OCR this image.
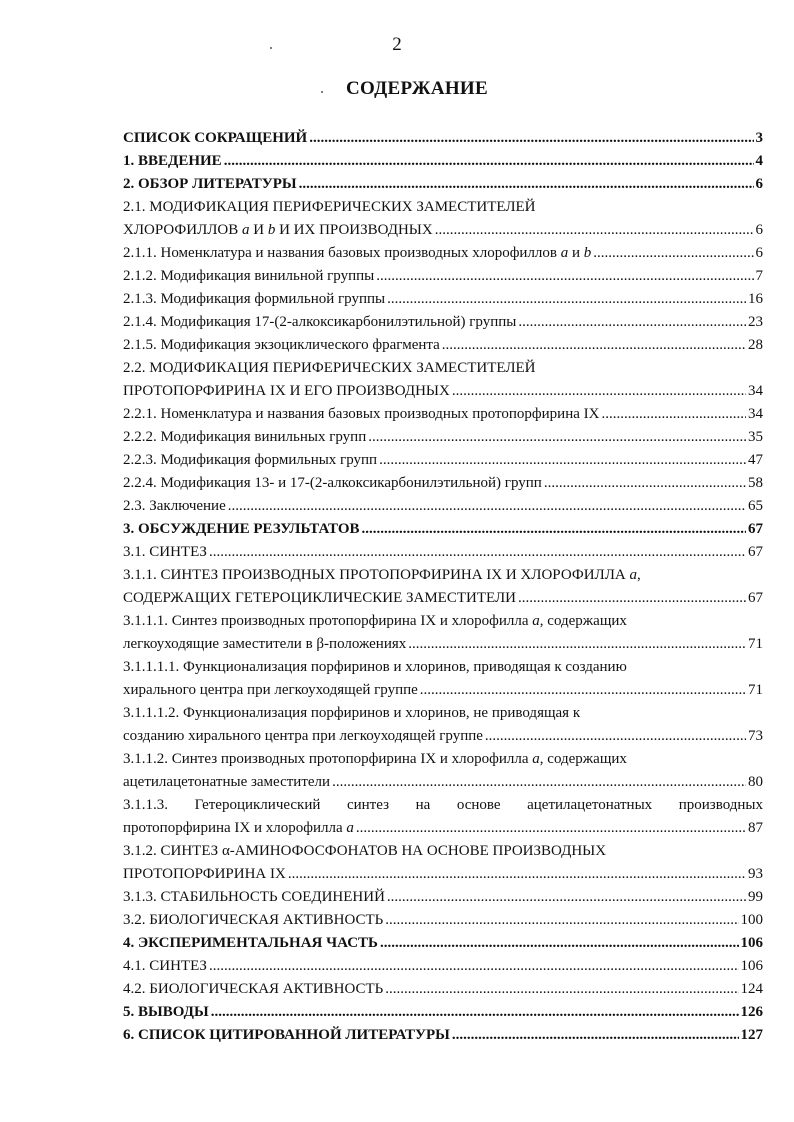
2
СОДЕРЖАНИЕ
СПИСОК СОКРАЩЕНИЙ .....	3
1. ВВЕДЕНИЕ .....	4
2. ОБЗОР ЛИТЕРАТУРЫ .....	6
2.1. МОДИФИКАЦИЯ ПЕРИФЕРИЧЕСКИХ ЗАМЕСТИТЕЛЕЙ
ХЛОРОФИЛЛОВ a И b И ИХ ПРОИЗВОДНЫХ .....	6
2.1.1. Номенклатура и названия базовых производных хлорофиллов a и b .....	6
2.1.2. Модификация винильной группы .....	7
2.1.3. Модификация формильной группы .....	16
2.1.4. Модификация 17-(2-алкоксикарбонилэтильной) группы .....	23
2.1.5. Модификация экзоциклического фрагмента .....	28
2.2. МОДИФИКАЦИЯ ПЕРИФЕРИЧЕСКИХ ЗАМЕСТИТЕЛЕЙ
ПРОТОПОРФИРИНА IX И ЕГО ПРОИЗВОДНЫХ .....	34
2.2.1. Номенклатура и названия базовых производных протопорфирина IX .....	34
2.2.2. Модификация винильных групп .....	35
2.2.3. Модификация формильных групп .....	47
2.2.4. Модификация 13- и 17-(2-алкоксикарбонилэтильной) групп .....	58
2.3. Заключение .....	65
3. ОБСУЖДЕНИЕ РЕЗУЛЬТАТОВ .....	67
3.1. СИНТЕЗ .....	67
3.1.1. СИНТЕЗ ПРОИЗВОДНЫХ ПРОТОПОРФИРИНА IX И ХЛОРОФИЛЛА a,
СОДЕРЖАЩИХ ГЕТЕРОЦИКЛИЧЕСКИЕ ЗАМЕСТИТЕЛИ .....	67
3.1.1.1. Синтез производных протопорфирина IX и хлорофилла a, содержащих
легкоуходящие заместители в β-положениях .....	71
3.1.1.1.1. Функционализация порфиринов и хлоринов, приводящая к созданию
хирального центра при легкоуходящей группе .....	71
3.1.1.1.2. Функционализация порфиринов и хлоринов, не приводящая к
созданию хирального центра при легкоуходящей группе .....	73
3.1.1.2. Синтез производных протопорфирина IX и хлорофилла a, содержащих
ацетилацетонатные заместители .....	80
3.1.1.3. Гетероциклический синтез на основе ацетилацетонатных производных
протопорфирина IX и хлорофилла a .....	87
3.1.2. СИНТЕЗ α-АМИНОФОСФОНАТОВ НА ОСНОВЕ ПРОИЗВОДНЫХ
ПРОТОПОРФИРИНА IX .....	93
3.1.3. СТАБИЛЬНОСТЬ СОЕДИНЕНИЙ .....	99
3.2. БИОЛОГИЧЕСКАЯ АКТИВНОСТЬ .....	100
4. ЭКСПЕРИМЕНТАЛЬНАЯ ЧАСТЬ .....	106
4.1. СИНТЕЗ .....	106
4.2. БИОЛОГИЧЕСКАЯ АКТИВНОСТЬ .....	124
5. ВЫВОДЫ .....	126
6. СПИСОК ЦИТИРОВАННОЙ ЛИТЕРАТУРЫ .....	127
